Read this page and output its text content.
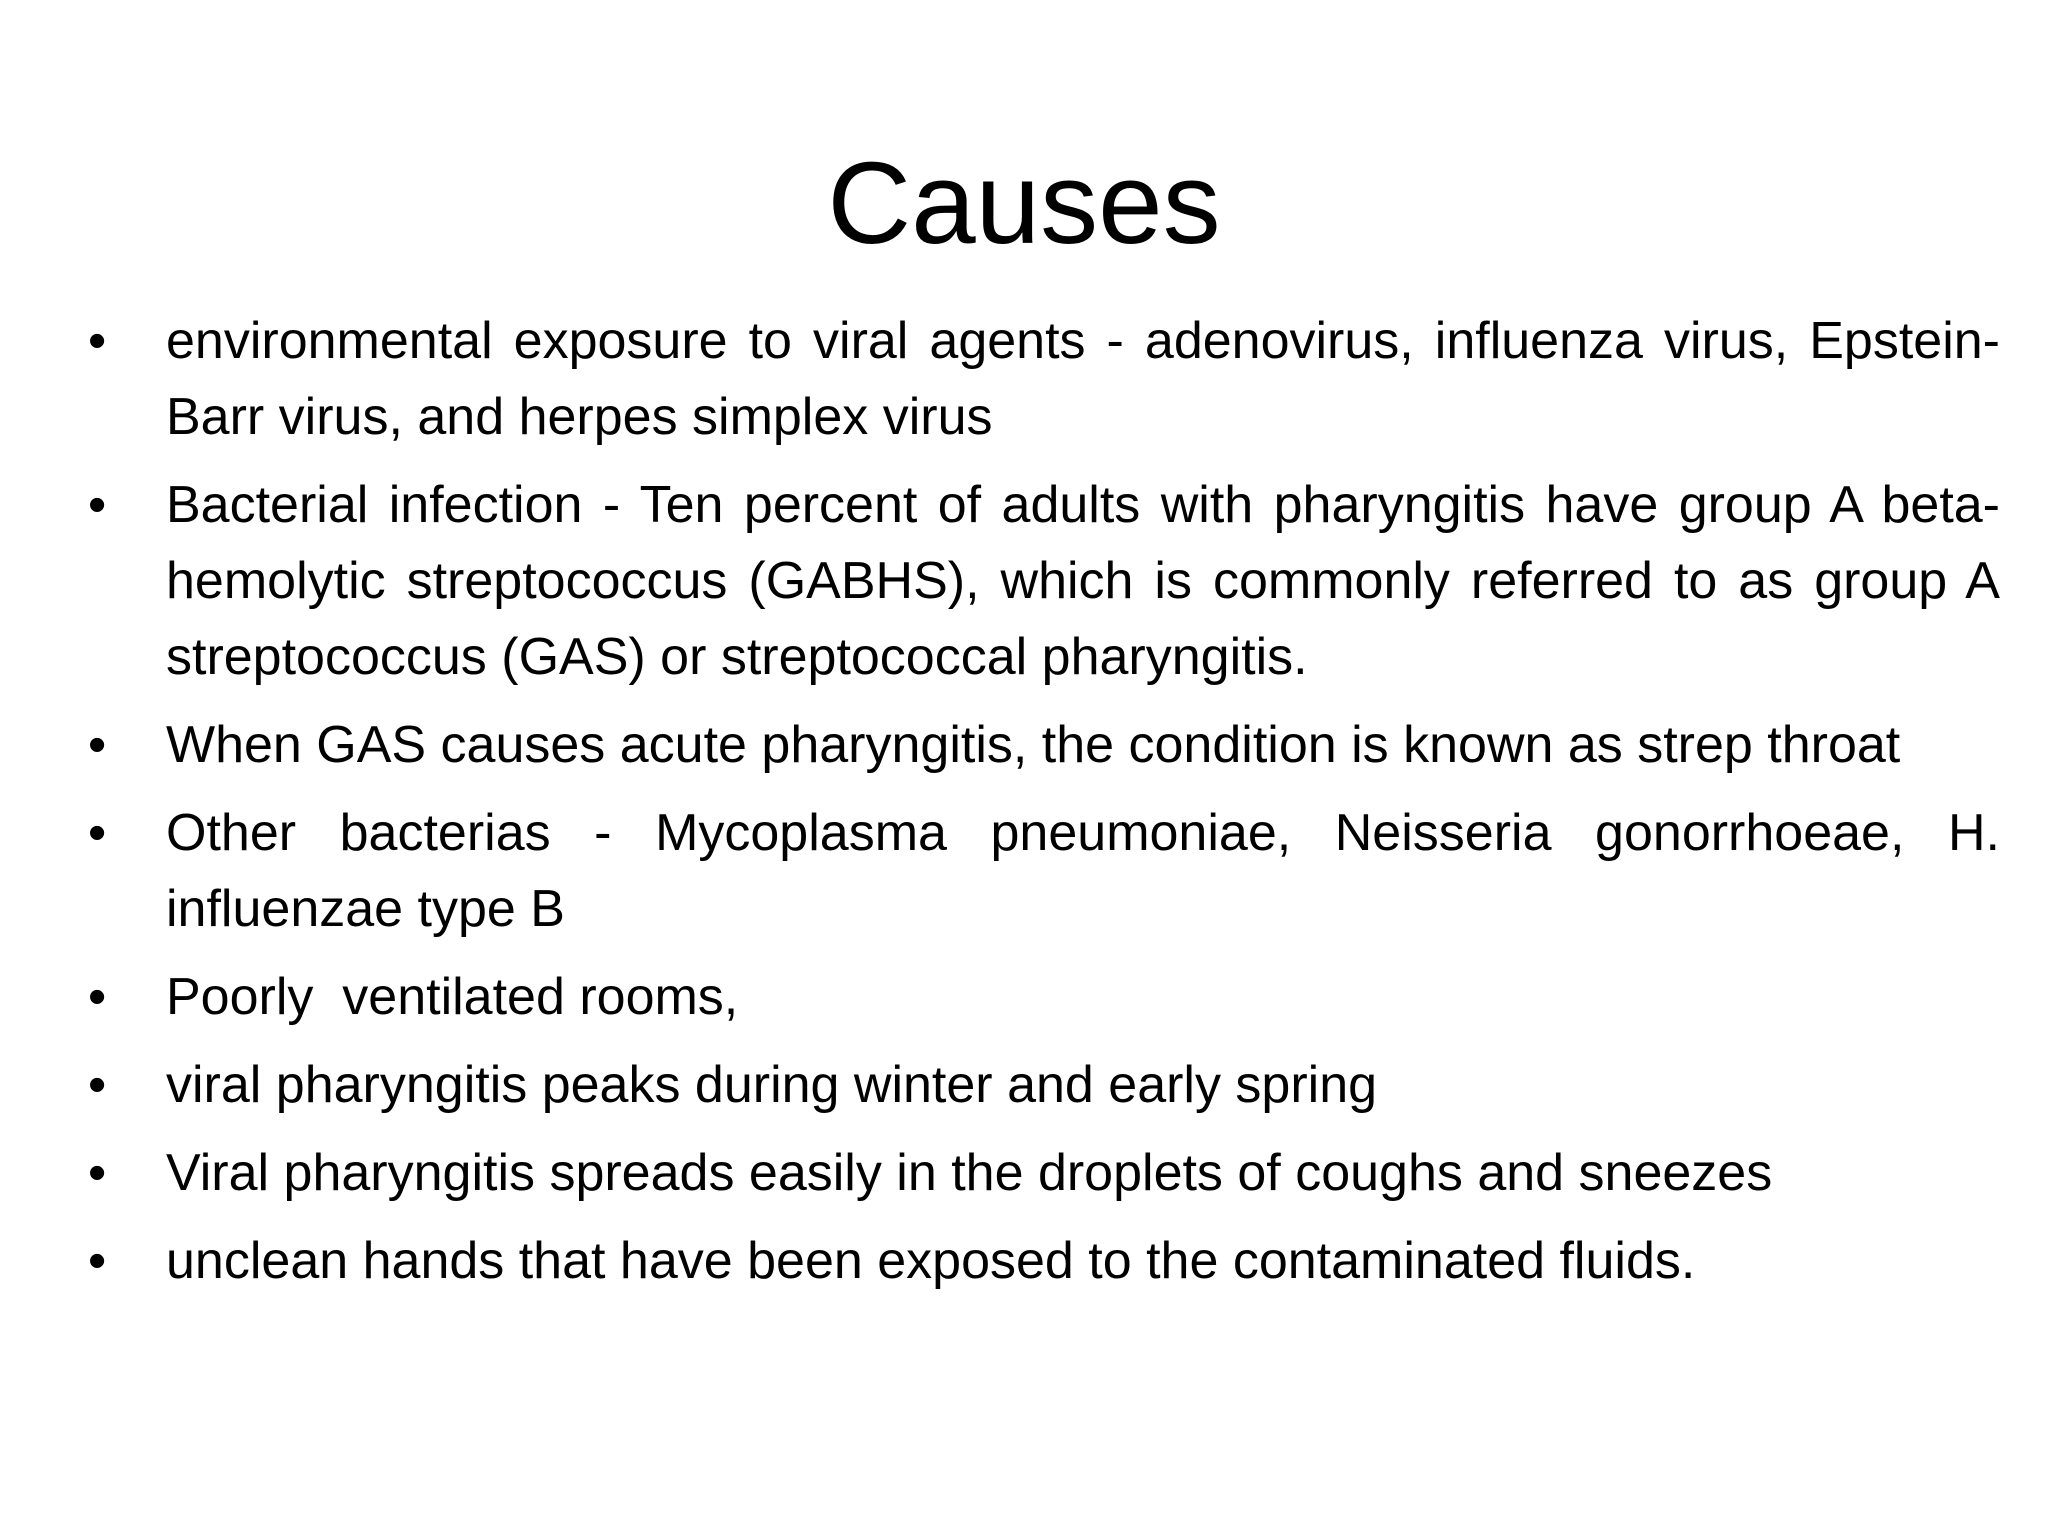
Causes
•	environmental exposure to viral agents - adenovirus, influenza virus, Epstein-Barr virus, and herpes simplex virus
•	Bacterial infection - Ten percent of adults with pharyngitis have group A beta-hemolytic streptococcus (GABHS), which is commonly referred to as group A streptococcus (GAS) or streptococcal pharyngitis.
•	When GAS causes acute pharyngitis, the condition is known as strep throat
•	Other bacterias - Mycoplasma pneumoniae, Neisseria gonorrhoeae, H. influenzae type B
•	Poorly  ventilated rooms,
•	viral pharyngitis peaks during winter and early spring
•	Viral pharyngitis spreads easily in the droplets of coughs and sneezes
•	unclean hands that have been exposed to the contaminated fluids.
